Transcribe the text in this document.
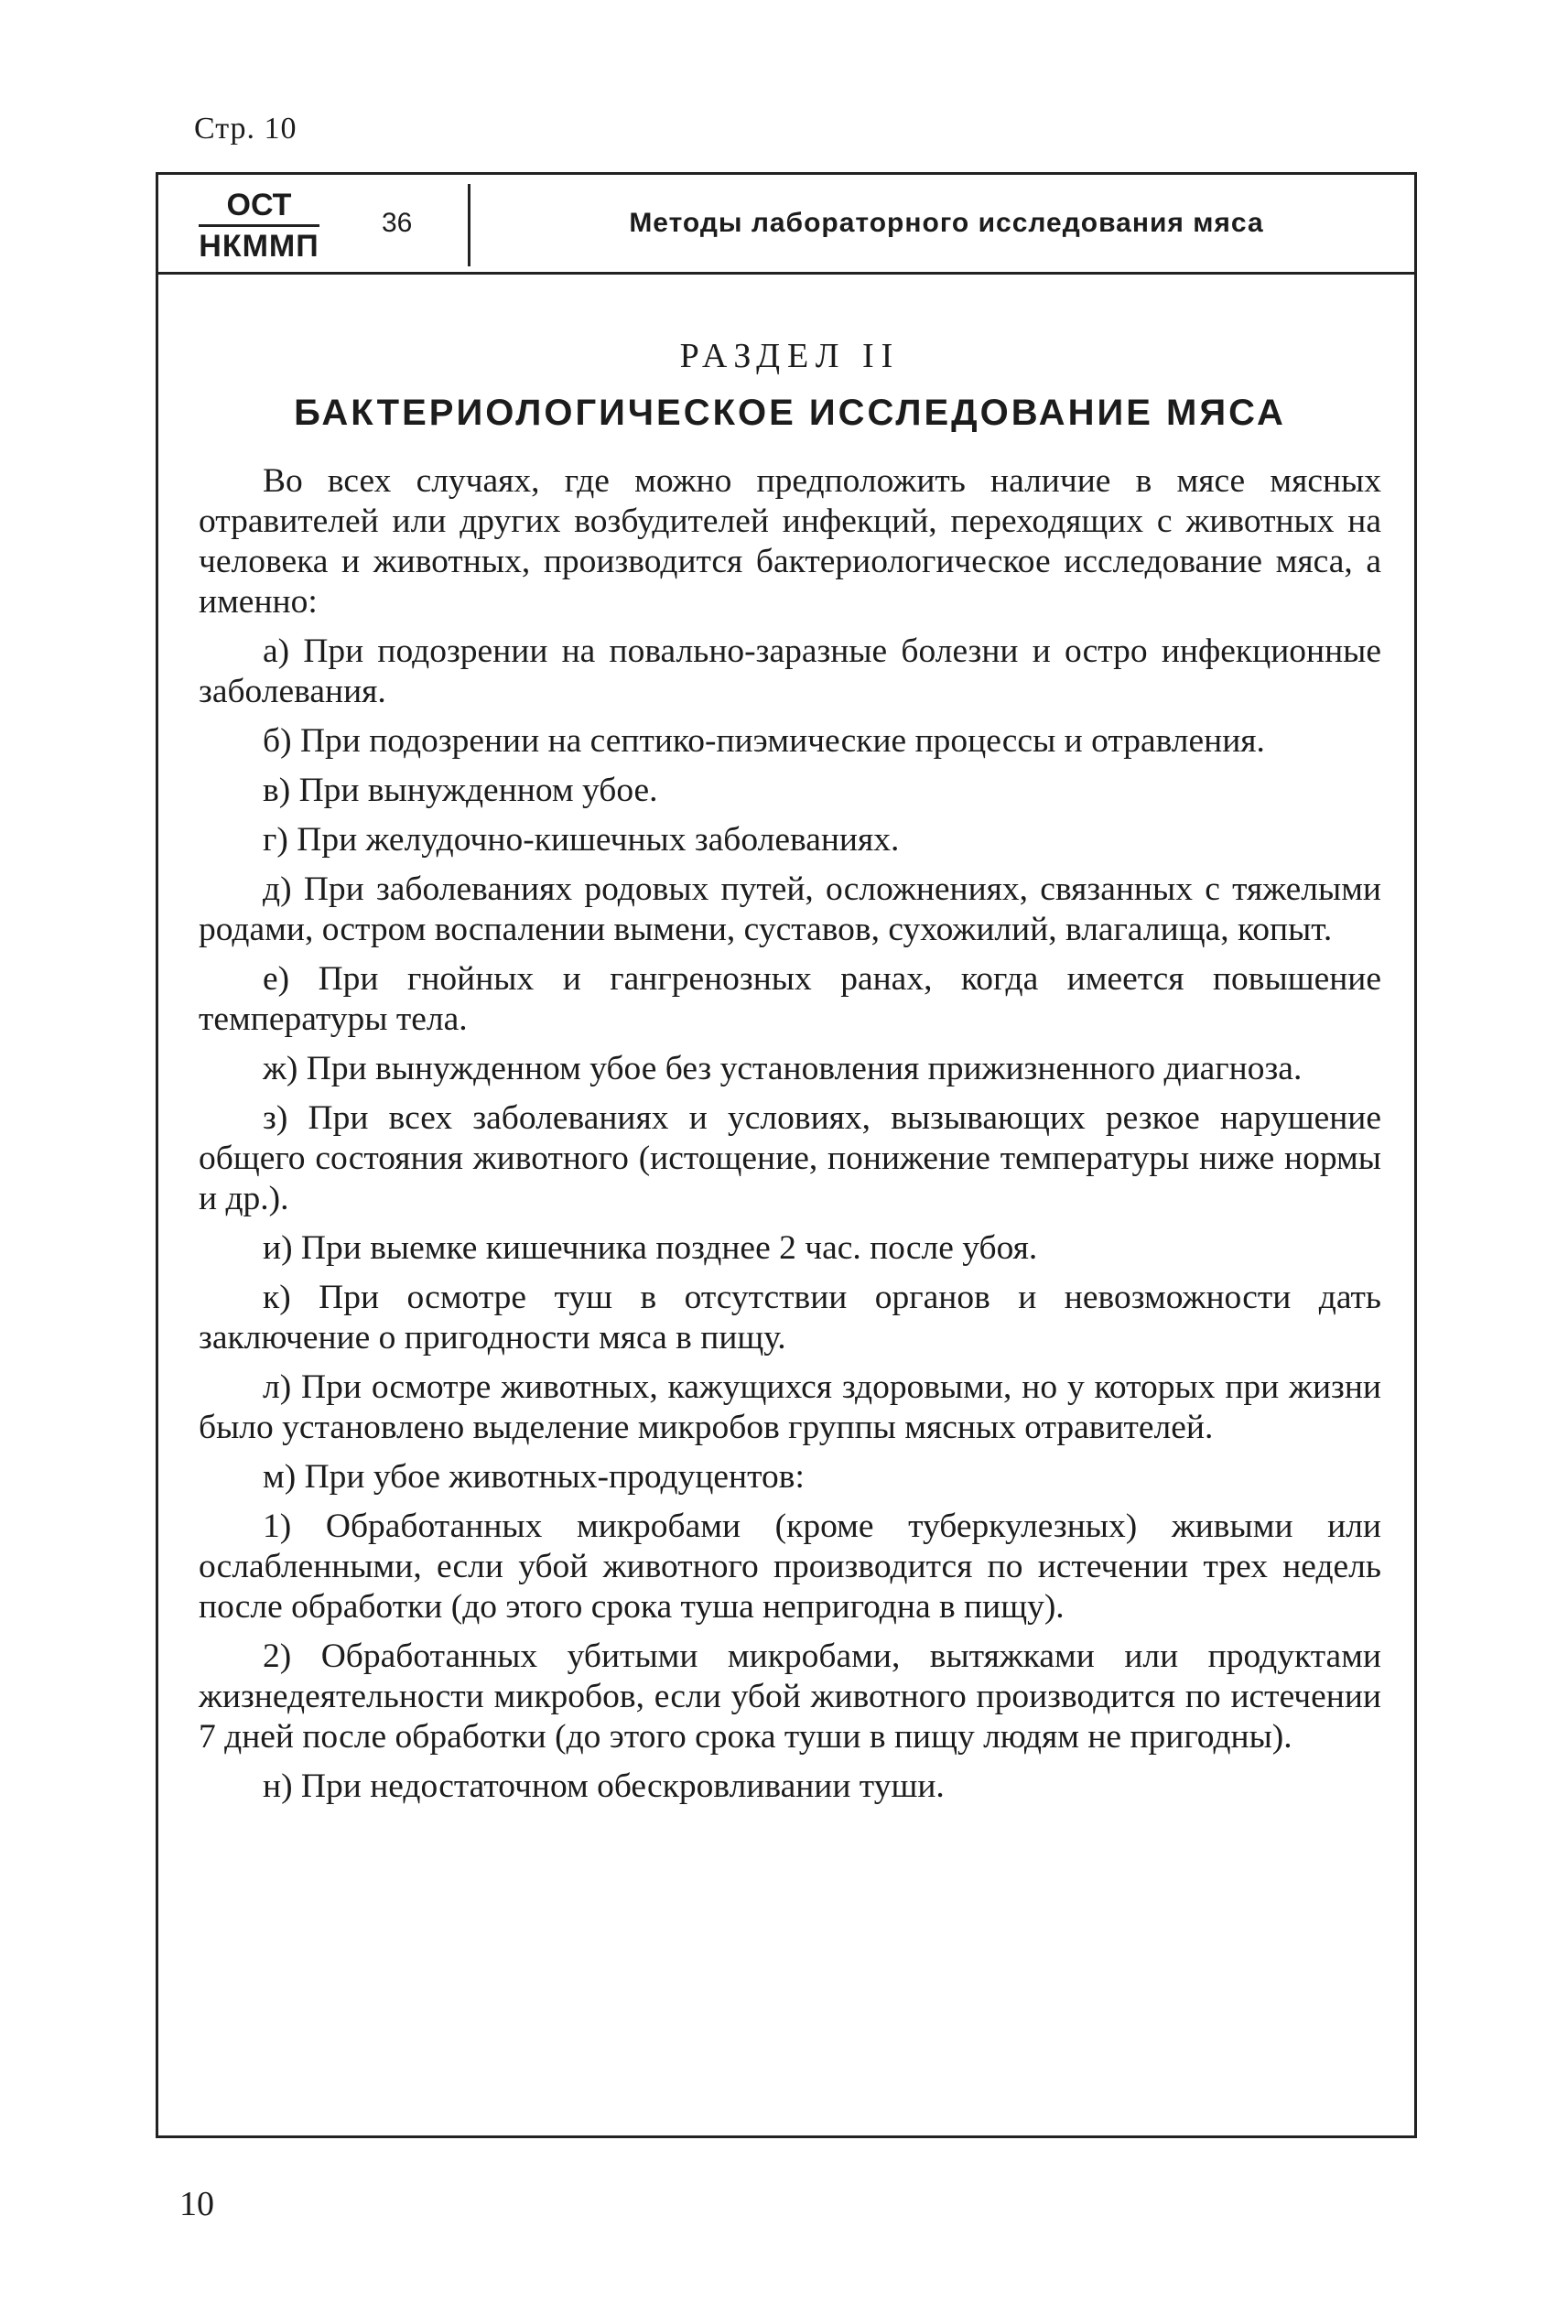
Стр. 10
ОСТ
НКММП
36	Методы лабораторного исследования мяса
РАЗДЕЛ II
БАКТЕРИОЛОГИЧЕСКОЕ ИССЛЕДОВАНИЕ МЯСА

Во всех случаях, где можно предположить наличие в мясе мясных отравителей или других возбудителей инфекций, переходящих с животных на человека и животных, производится бактериологическое исследование мяса, а именно:

а) При подозрении на повально-заразные болезни и остро инфекционные заболевания.

б) При подозрении на септико-пиэмические процессы и отравления.

в) При вынужденном убое.

г) При желудочно-кишечных заболеваниях.

д) При заболеваниях родовых путей, осложнениях, связанных с тяжелыми родами, остром воспалении вымени, суставов, сухожилий, влагалища, копыт.

е) При гнойных и гангренозных ранах, когда имеется повышение температуры тела.

ж) При вынужденном убое без установления прижизненного диагноза.

з) При всех заболеваниях и условиях, вызывающих резкое нарушение общего состояния животного (истощение, понижение температуры ниже нормы и др.).

и) При выемке кишечника позднее 2 час. после убоя.

к) При осмотре туш в отсутствии органов и невозможности дать заключение о пригодности мяса в пищу.

л) При осмотре животных, кажущихся здоровыми, но у которых при жизни было установлено выделение микробов группы мясных отравителей.

м) При убое животных-продуцентов:

1) Обработанных микробами (кроме туберкулезных) живыми или ослабленными, если убой животного производится по истечении трех недель после обработки (до этого срока туша непригодна в пищу).

2) Обработанных убитыми микробами, вытяжками или продуктами жизнедеятельности микробов, если убой животного производится по истечении 7 дней после обработки (до этого срока туши в пищу людям не пригодны).

н) При недостаточном обескровливании туши.

10
